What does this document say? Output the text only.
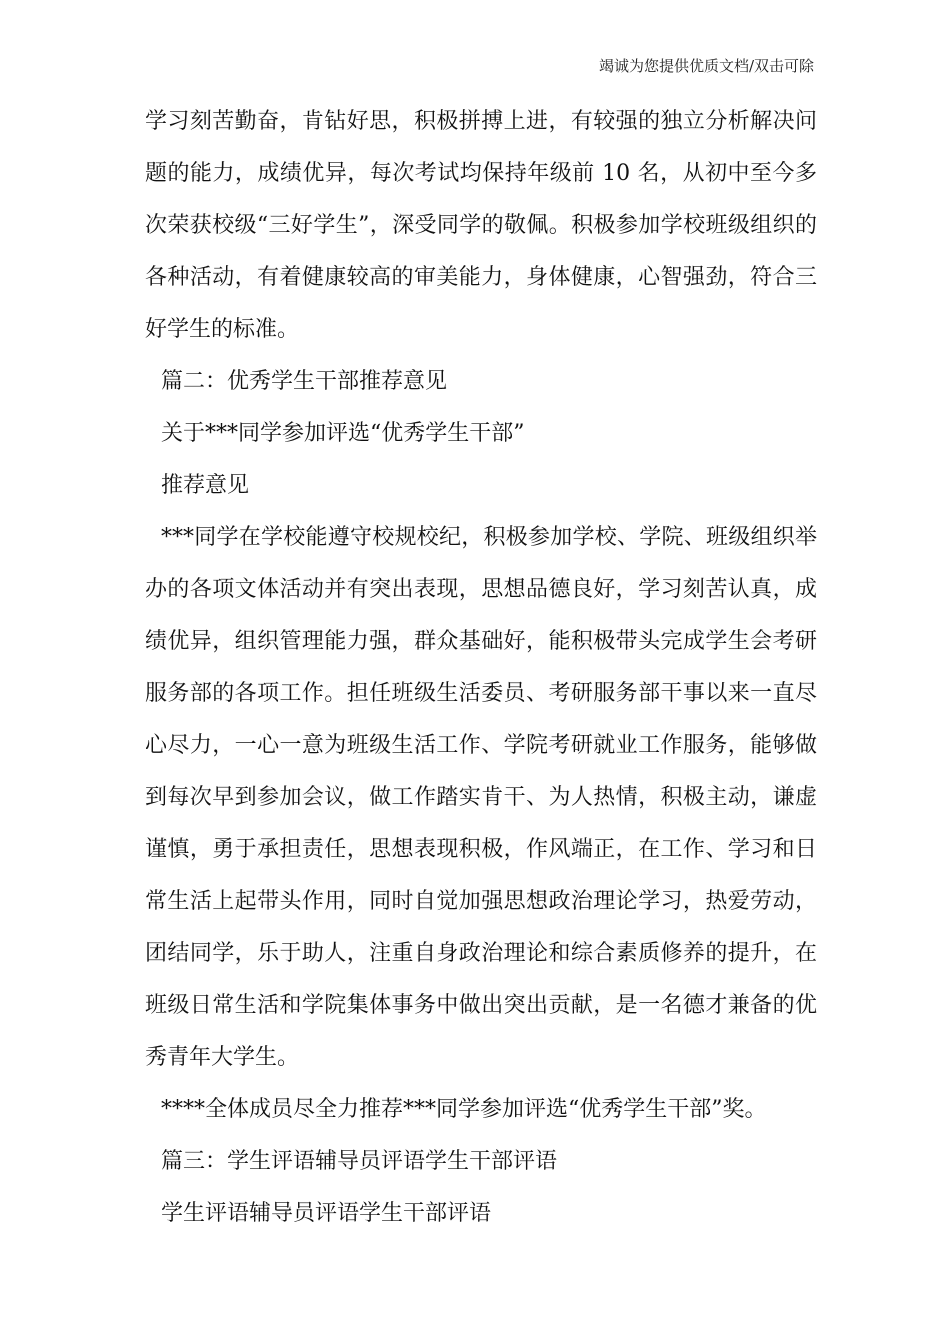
竭诚为您提供优质文档/双击可除

学习刻苦勤奋，肯钻好思，积极拼搏上进，有较强的独立分析解决问题的能力，成绩优异，每次考试均保持年级前 10 名，从初中至今多次荣获校级“三好学生”，深受同学的敬佩。积极参加学校班级组织的各种活动，有着健康较高的审美能力，身体健康，心智强劲，符合三好学生的标准。

篇二：优秀学生干部推荐意见

关于***同学参加评选“优秀学生干部”

推荐意见

***同学在学校能遵守校规校纪，积极参加学校、学院、班级组织举办的各项文体活动并有突出表现，思想品德良好，学习刻苦认真，成绩优异，组织管理能力强，群众基础好，能积极带头完成学生会考研服务部的各项工作。担任班级生活委员、考研服务部干事以来一直尽心尽力，一心一意为班级生活工作、学院考研就业工作服务，能够做到每次早到参加会议，做工作踏实肯干、为人热情，积极主动，谦虚谨慎，勇于承担责任，思想表现积极，作风端正，在工作、学习和日常生活上起带头作用，同时自觉加强思想政治理论学习，热爱劳动，团结同学，乐于助人，注重自身政治理论和综合素质修养的提升，在班级日常生活和学院集体事务中做出突出贡献，是一名德才兼备的优秀青年大学生。

****全体成员尽全力推荐***同学参加评选“优秀学生干部”奖。

篇三：学生评语辅导员评语学生干部评语

学生评语辅导员评语学生干部评语
